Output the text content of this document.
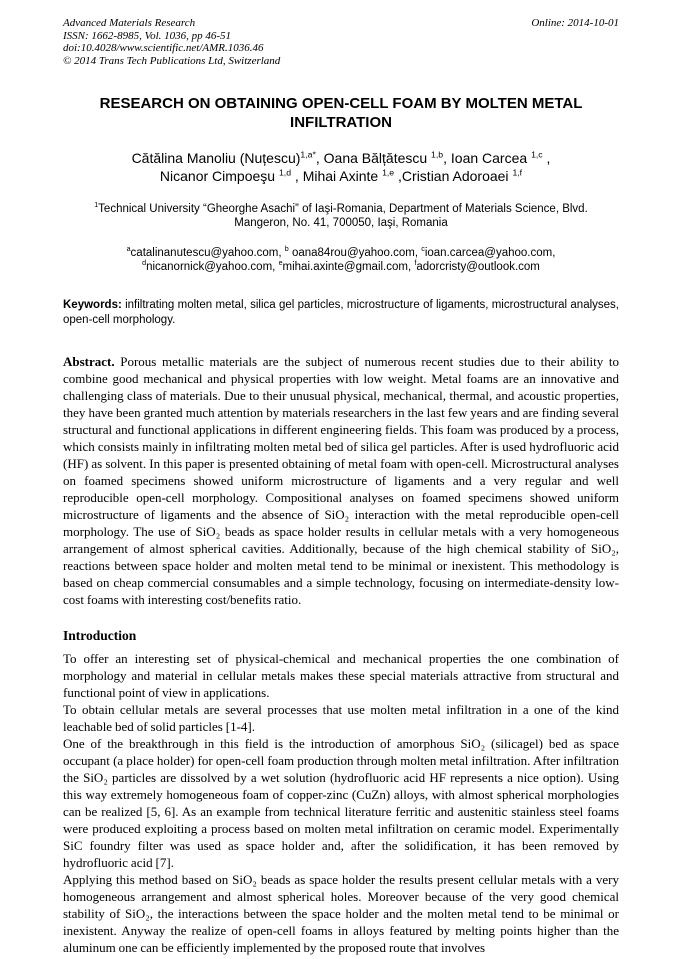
Advanced Materials Research
ISSN: 1662-8985, Vol. 1036, pp 46-51
doi:10.4028/www.scientific.net/AMR.1036.46
© 2014 Trans Tech Publications Ltd, Switzerland
Online: 2014-10-01
RESEARCH ON OBTAINING OPEN-CELL FOAM BY MOLTEN METAL INFILTRATION
Cătălina Manoliu (Nuțescu)$^{1,a*}$, Oana Bălțătescu $^{1,b}$, Ioan Carcea $^{1,c}$ ,
Nicanor Cimpoeşu $^{1,d}$ , Mihai Axinte $^{1,e}$ ,Cristian Adoroaei $^{1,f}$
$^1$Technical University “Gheorghe Asachi” of Iaşi-Romania, Department of Materials Science, Blvd.
Mangeron, No. 41, 700050, Iaşi, Romania
$^a$catalinanutescu@yahoo.com, $^b$ oana84rou@yahoo.com, $^c$ioan.carcea@yahoo.com,
$^d$nicanornick@yahoo.com, $^e$mihai.axinte@gmail.com, $^f$adorcristy@outlook.com

Keywords: infiltrating molten metal, silica gel particles, microstructure of ligaments, microstructural analyses, open-cell morphology.

Abstract. Porous metallic materials are the subject of numerous recent studies due to their ability to combine good mechanical and physical properties with low weight. Metal foams are an innovative and challenging class of materials. Due to their unusual physical, mechanical, thermal, and acoustic properties, they have been granted much attention by materials researchers in the last few years and are finding several structural and functional applications in different engineering fields. This foam was produced by a process, which consists mainly in infiltrating molten metal bed of silica gel particles. After is used hydrofluoric acid (HF) as solvent. In this paper is presented obtaining of metal foam with open-cell. Microstructural analyses on foamed specimens showed uniform microstructure of ligaments and a very regular and well reproducible open-cell morphology. Compositional analyses on foamed specimens showed uniform microstructure of ligaments and the absence of SiO₂ interaction with the metal reproducible open-cell morphology. The use of SiO₂ beads as space holder results in cellular metals with a very homogeneous arrangement of almost spherical cavities. Additionally, because of the high chemical stability of SiO₂, reactions between space holder and molten metal tend to be minimal or inexistent. This methodology is based on cheap commercial consumables and a simple technology, focusing on intermediate-density low-cost foams with interesting cost/benefits ratio.

Introduction

To offer an interesting set of physical-chemical and mechanical properties the one combination of morphology and material in cellular metals makes these special materials attractive from structural and functional point of view in applications.

To obtain cellular metals are several processes that use molten metal infiltration in a one of the kind leachable bed of solid particles [1-4].

One of the breakthrough in this field is the introduction of amorphous SiO₂ (silicagel) bed as space occupant (a place holder) for open-cell foam production through molten metal infiltration. After infiltration the SiO₂ particles are dissolved by a wet solution (hydrofluoric acid HF represents a nice option). Using this way extremely homogeneous foam of copper-zinc (CuZn) alloys, with almost spherical morphologies can be realized [5, 6]. As an example from technical literature ferritic and austenitic stainless steel foams were produced exploiting a process based on molten metal infiltration on ceramic model. Experimentally SiC foundry filter was used as space holder and, after the solidification, it has been removed by hydrofluoric acid [7].

Applying this method based on SiO₂ beads as space holder the results present cellular metals with a very homogeneous arrangement and almost spherical holes. Moreover because of the very good chemical stability of SiO₂, the interactions between the space holder and the molten metal tend to be minimal or inexistent. Anyway the realize of open-cell foams in alloys featured by melting points higher than the aluminum one can be efficiently implemented by the proposed route that involves
